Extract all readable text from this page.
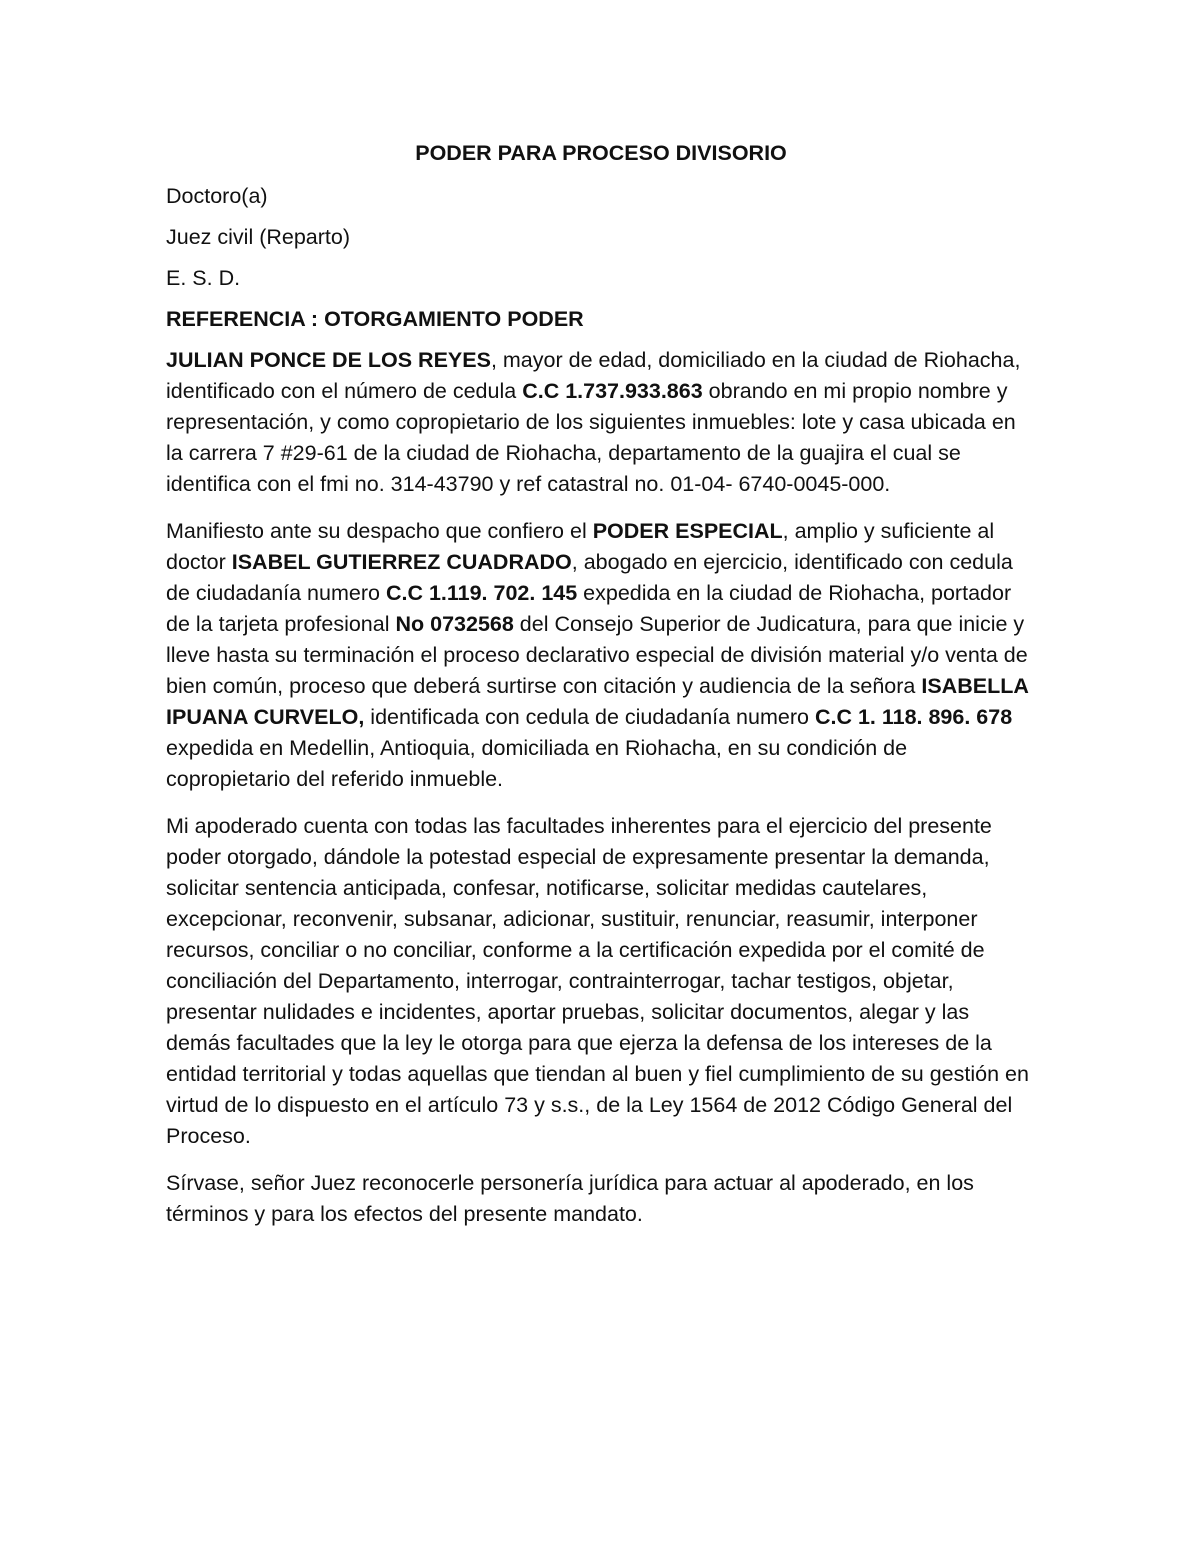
PODER PARA PROCESO DIVISORIO
Doctoro(a)
Juez civil (Reparto)
E. S. D.
REFERENCIA : OTORGAMIENTO PODER
JULIAN PONCE DE LOS REYES, mayor de edad, domiciliado en la ciudad de Riohacha, identificado con el número de cedula C.C 1.737.933.863 obrando en mi propio nombre y representación, y como copropietario de los siguientes inmuebles: lote y casa ubicada en la carrera 7 #29-61 de la ciudad de Riohacha, departamento de la guajira el cual se identifica con el fmi no. 314-43790 y ref catastral no. 01-04- 6740-0045-000.
Manifiesto ante su despacho que confiero el PODER ESPECIAL, amplio y suficiente al doctor ISABEL GUTIERREZ CUADRADO, abogado en ejercicio, identificado con cedula de ciudadanía numero C.C 1.119. 702. 145 expedida en la ciudad de Riohacha, portador de la tarjeta profesional No 0732568 del Consejo Superior de Judicatura, para que inicie y lleve hasta su terminación el proceso declarativo especial de división material y/o venta de bien común, proceso que deberá surtirse con citación y audiencia de la señora ISABELLA IPUANA CURVELO, identificada con cedula de ciudadanía numero C.C 1. 118. 896. 678 expedida en Medellin, Antioquia, domiciliada en Riohacha, en su condición de copropietario del referido inmueble.
Mi apoderado cuenta con todas las facultades inherentes para el ejercicio del presente poder otorgado, dándole la potestad especial de expresamente presentar la demanda, solicitar sentencia anticipada, confesar, notificarse, solicitar medidas cautelares, excepcionar, reconvenir, subsanar, adicionar, sustituir, renunciar, reasumir, interponer recursos, conciliar o no conciliar, conforme a la certificación expedida por el comité de conciliación del Departamento, interrogar, contrainterrogar, tachar testigos, objetar, presentar nulidades e incidentes, aportar pruebas, solicitar documentos, alegar y las demás facultades que la ley le otorga para que ejerza la defensa de los intereses de la entidad territorial y todas aquellas que tiendan al buen y fiel cumplimiento de su gestión en virtud de lo dispuesto en el artículo 73 y s.s., de la Ley 1564 de 2012 Código General del Proceso.
Sírvase, señor Juez reconocerle personería jurídica para actuar al apoderado, en los términos y para los efectos del presente mandato.
